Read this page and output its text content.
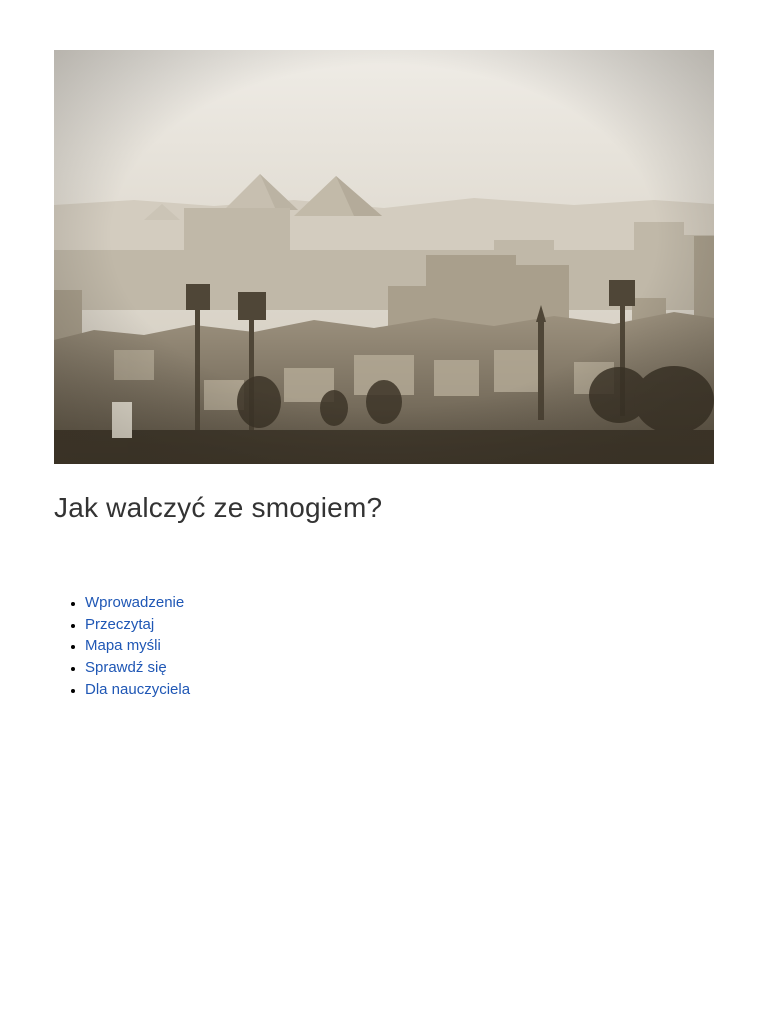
Jak walczyć ze smogiem?
• Wprowadzenie
• Przeczytaj
• Mapa myśli
• Sprawdź się
• Dla nauczyciela
